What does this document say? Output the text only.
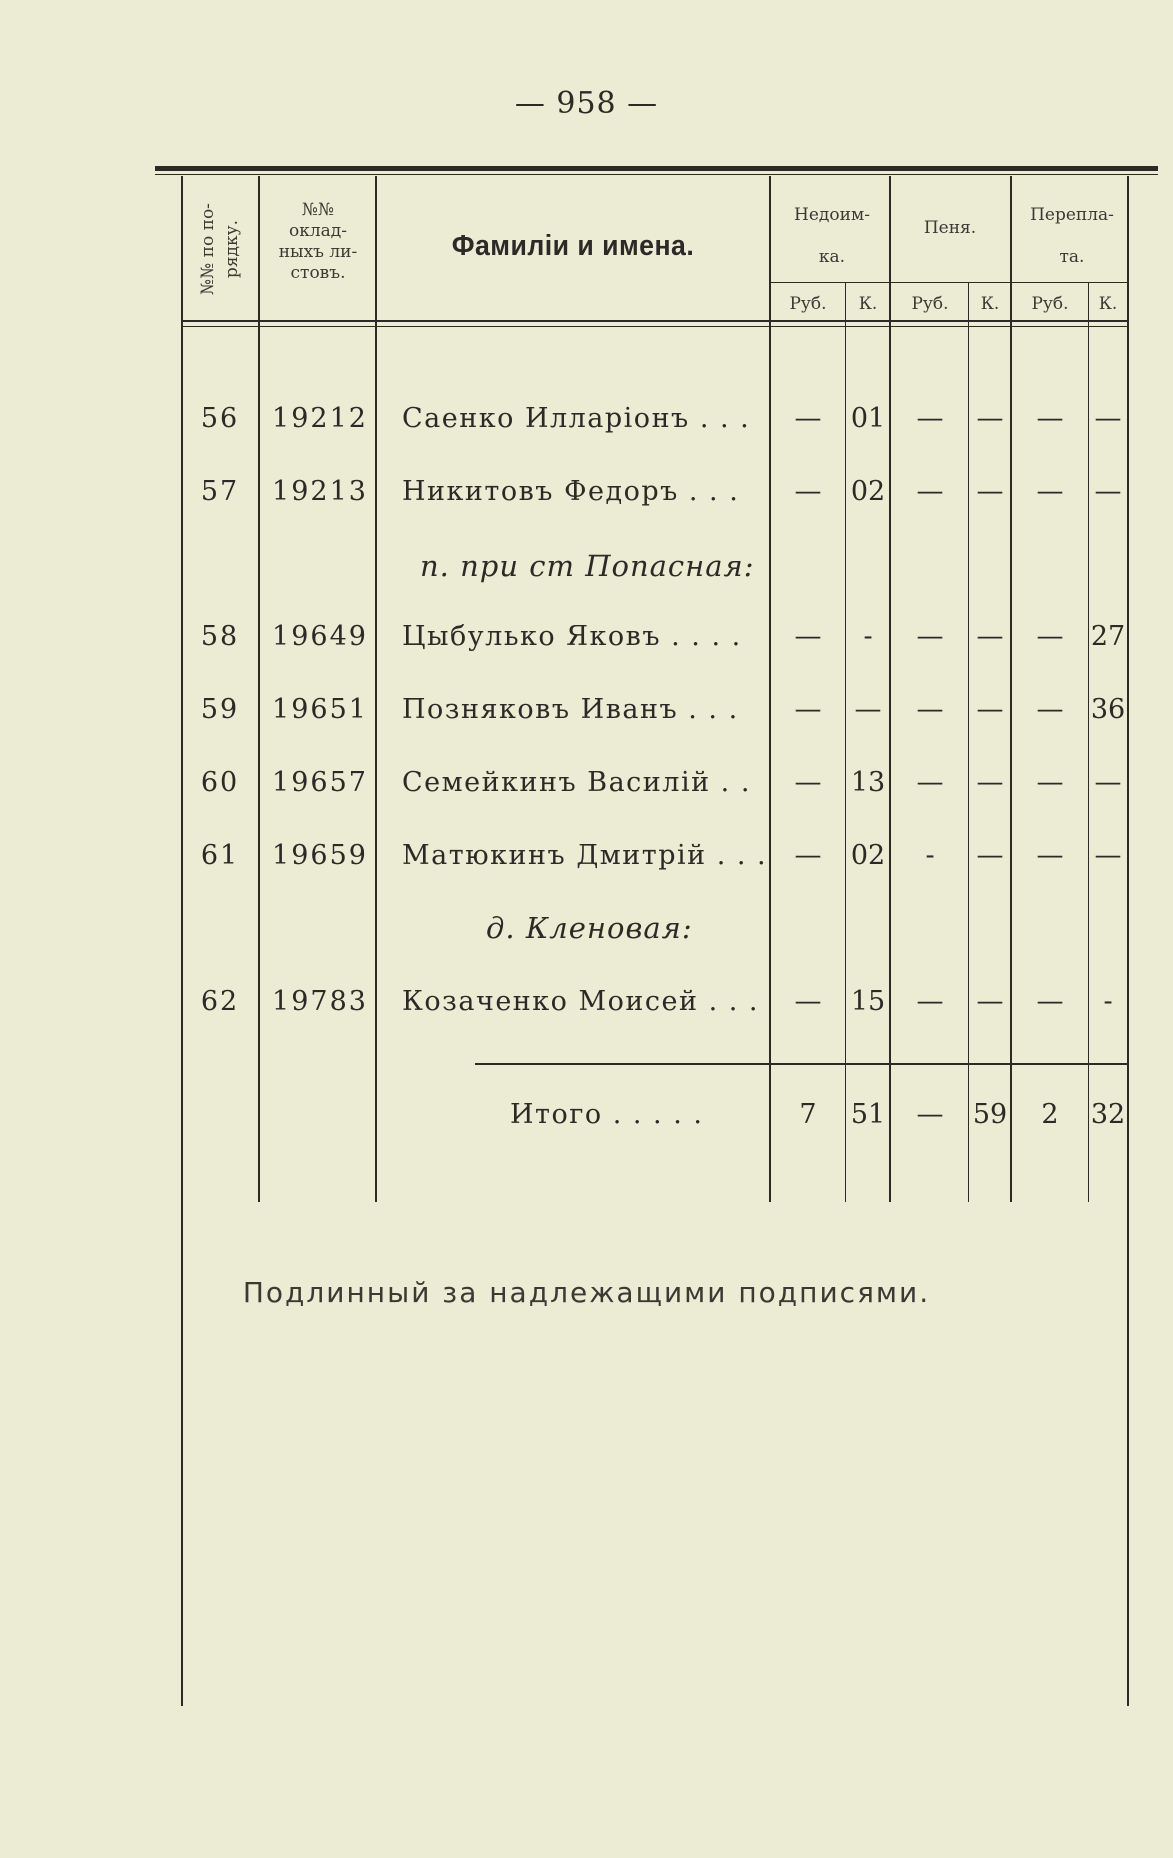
— 958 —
№№ по по-рядку.
№№ оклад-ныхъ ли-стовъ.
Фамилiи и имена.
Недоим-ка.
Пеня.
Перепла-та.
Руб.	К.	Руб.	К.	Руб.	К.
56	19212	Саенко Илларiонъ . . .	—	01	—	—	—	—
57	19213	Никитовъ Федоръ . . .	—	02	—	—	—	—
п. при ст Попасная:
58	19649	Цыбулько Яковъ . . . .	—	-	—	—	—	27
59	19651	Позняковъ Иванъ . . .	—	—	—	—	—	36
60	19657	Семейкинъ Василiй . .	—	13	—	—	—	—
61	19659	Матюкинъ Дмитрiй . . .	—	02	-	—	—	—
д. Кленовая:
62	19783	Козаченко Моисей . . .	—	15	—	—	—	-
Итого . . . . .	7	51	—	59	2	32
Подлинный за надлежащими подписями.
